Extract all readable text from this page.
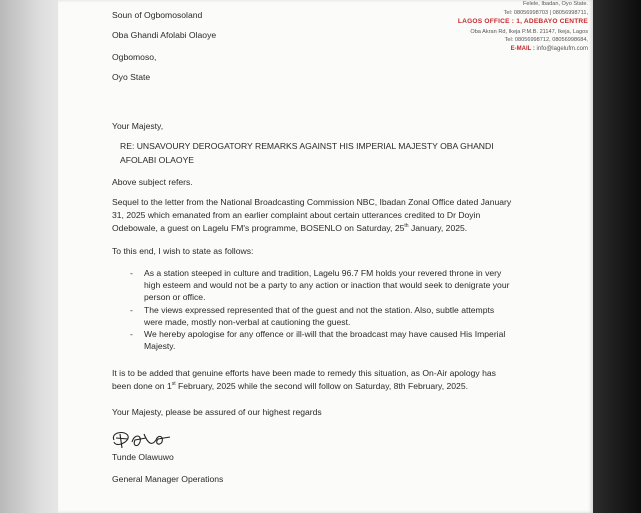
Felele, Ibadan, Oyo State.
Tel: 08056998703 | 08056998711,
LAGOS OFFICE : 1, ADEBAYO CENTRE
Oba Akran Rd, Ikeja P.M.B. 21147, Ikeja, Lagos
Tel: 08056998712, 08056998684,
E-MAIL : info@lagelufm.com
Soun of Ogbomosoland
Oba Ghandi Afolabi Olaoye
Ogbomoso,
Oyo State
Your Majesty,
RE: UNSAVOURY DEROGATORY REMARKS AGAINST HIS IMPERIAL MAJESTY OBA GHANDI
AFOLABI OLAOYE
Above subject refers.
Sequel to the letter from the National Broadcasting Commission NBC, Ibadan Zonal Office dated January
31, 2025 which emanated from an earlier complaint about certain utterances credited to Dr Doyin
Odebowale, a guest on Lagelu FM's programme, BOSENLO on Saturday, 25th January, 2025.
To this end, I wish to state as follows:
- As a station steeped in culture and tradition, Lagelu 96.7 FM holds your revered throne in very
high esteem and would not be a party to any action or inaction that would seek to denigrate your
person or office.
- The views expressed represented that of the guest and not the station. Also, subtle attempts
were made, mostly non-verbal at cautioning the guest.
- We hereby apologise for any offence or ill-will that the broadcast may have caused His Imperial
Majesty.
It is to be added that genuine efforts have been made to remedy this situation, as On-Air apology has
been done on 1st February, 2025 while the second will follow on Saturday, 8th February, 2025.
Your Majesty, please be assured of our highest regards
Tunde Olawuwo
General Manager Operations
